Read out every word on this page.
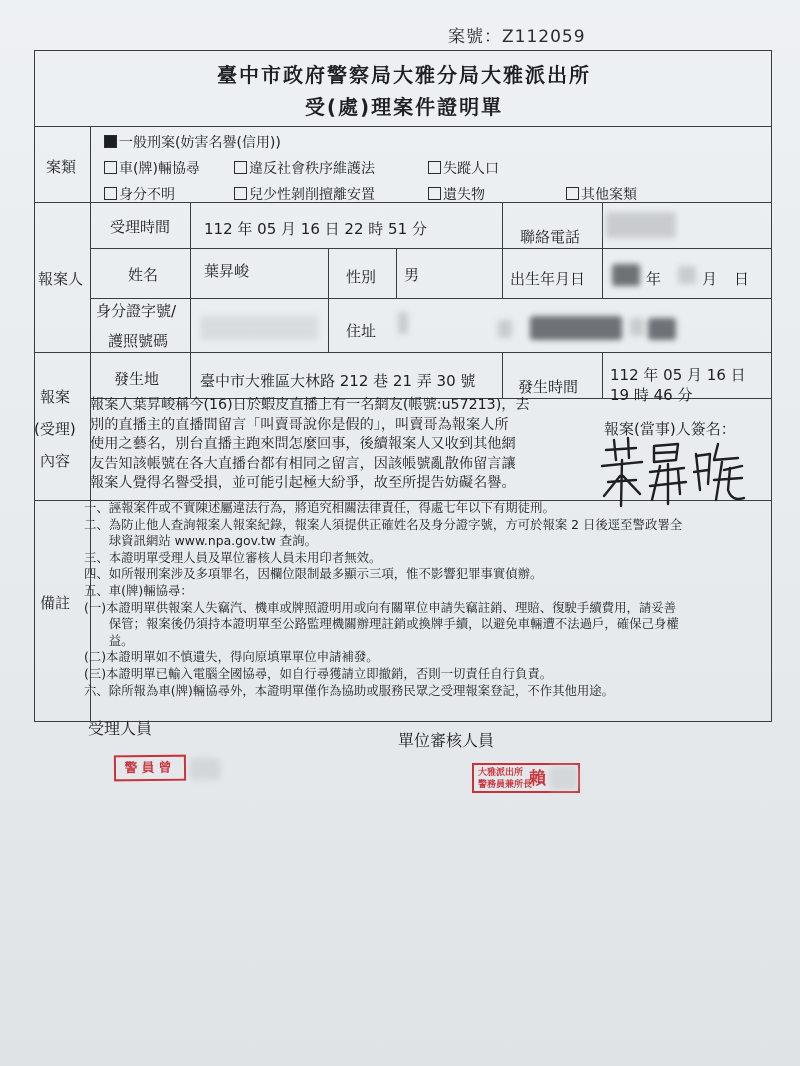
案號：Z112059
臺中市政府警察局大雅分局大雅派出所
受(處)理案件證明單
案類
一般刑案(妨害名譽(信用))
車(牌)輛協尋	違反社會秩序維護法	失蹤人口
身分不明	兒少性剝削擅離安置	遺失物	其他案類
報案人
受理時間 112 年 05 月 16 日 22 時 51 分	聯絡電話
姓名	葉昇峻	性別 男	出生年月日	年	月 日
身分證字號/
護照號碼
住址
報案
(受理)
內容
發生地	臺中市大雅區大林路 212 巷 21 弄 30 號	發生時間
112 年 05 月 16 日
19 時 46 分
報案人葉昇峻稱今(16)日於蝦皮直播上有一名網友(帳號:u57213)，去
別的直播主的直播間留言「叫賣哥說你是假的」，叫賣哥為報案人所
使用之藝名，別台直播主跑來問怎麼回事，後續報案人又收到其他網
友告知該帳號在各大直播台都有相同之留言，因該帳號亂散佈留言讓
報案人覺得名譽受損，並可能引起極大紛爭，故至所提告妨礙名譽。
報案(當事)人簽名：
備註
一、誣報案件或不實陳述屬違法行為，將追究相關法律責任，得處七年以下有期徒刑。
二、為防止他人查詢報案人報案紀錄，報案人須提供正確姓名及身分證字號，方可於報案 2 日後逕至警政署全
　　球資訊網站 www.npa.gov.tw 查詢。
三、本證明單受理人員及單位審核人員未用印者無效。
四、如所報刑案涉及多項罪名，因欄位限制最多顯示三項，惟不影響犯罪事實偵辦。
五、車(牌)輛協尋：
(一)本證明單供報案人失竊汽、機車或牌照證明用或向有關單位申請失竊註銷、理賠、復駛手續費用，請妥善
　　保管；報案後仍須持本證明單至公路監理機關辦理註銷或換牌手續，以避免車輛遭不法過戶，確保己身權
　　益。
(二)本證明單如不慎遺失，得向原填單單位申請補發。
(三)本證明單已輸入電腦全國協尋，如自行尋獲請立即撤銷，否則一切責任自行負責。
六、除所報為車(牌)輛協尋外，本證明單僅作為協助或服務民眾之受理報案登記，不作其他用途。
受理人員
單位審核人員
警員曾	大雅派出所
警務員兼所長
賴
